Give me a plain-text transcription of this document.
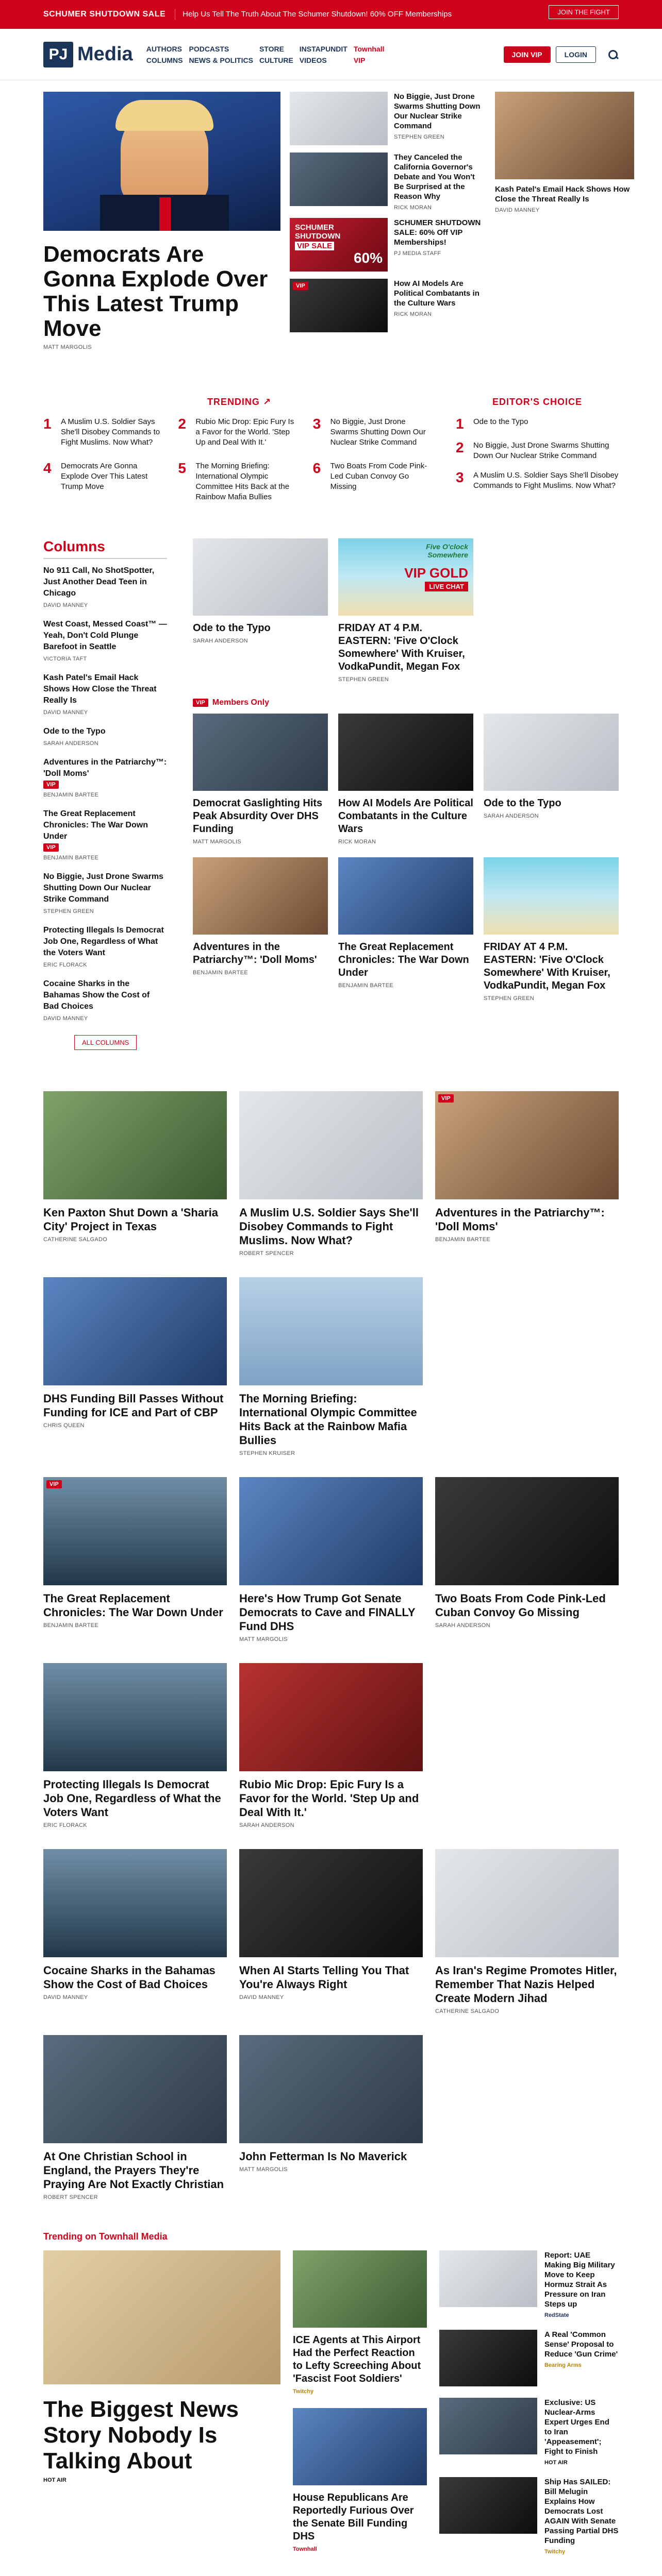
SCHUMER SHUTDOWN SALE	Help Us Tell The Truth About The Schumer Shutdown! 60% OFF Memberships	JOIN THE FIGHT
PJ Media AUTHORS PODCASTS	STORE	INSTAPUNDIT Townhall
COLUMNS NEWS & POLITICS CULTURE VIDEOS	VIP
JOIN VIP	LOGIN
Democrats Are Gonna Explode Over This Latest Trump Move
MATT MARGOLIS
No Biggie, Just Drone Swarms Shutting Down Our Nuclear Strike Command
STEPHEN GREEN
They Canceled the California Governor's Debate and You Won't Be Surprised at the Reason Why
RICK MORAN
SCHUMER
SHUTDOWN
VIP SALE
60%
SCHUMER SHUTDOWN SALE: 60% Off VIP Memberships!
PJ MEDIA STAFF
VIP	How AI Models Are Political Combatants in the Culture Wars
RICK MORAN
Kash Patel's Email Hack Shows How Close the Threat Really Is
DAVID MANNEY
TRENDING ↗
1	A Muslim U.S. Soldier Says She'll Disobey Commands to Fight Muslims. Now What?
2	Rubio Mic Drop: Epic Fury Is a Favor for the World. 'Step Up and Deal With It.'
3	No Biggie, Just Drone Swarms Shutting Down Our Nuclear Strike Command
4	Democrats Are Gonna Explode Over This Latest Trump Move
5	The Morning Briefing: International Olympic Committee Hits Back at the Rainbow Mafia Bullies
6	Two Boats From Code Pink-Led Cuban Convoy Go Missing
EDITOR'S CHOICE
1	Ode to the Typo
2	No Biggie, Just Drone Swarms Shutting Down Our Nuclear Strike Command
3	A Muslim U.S. Soldier Says She'll Disobey Commands to Fight Muslims. Now What?
Columns
No 911 Call, No ShotSpotter, Just Another Dead Teen in Chicago
DAVID MANNEY
West Coast, Messed Coast™ — Yeah, Don't Cold Plunge Barefoot in Seattle
VICTORIA TAFT
Kash Patel's Email Hack Shows How Close the Threat Really Is
DAVID MANNEY
Ode to the Typo
SARAH ANDERSON
Adventures in the Patriarchy™: 'Doll Moms'
VIP
BENJAMIN BARTEE
The Great Replacement Chronicles: The War Down Under
VIP
BENJAMIN BARTEE
No Biggie, Just Drone Swarms Shutting Down Our Nuclear Strike Command
STEPHEN GREEN
Protecting Illegals Is Democrat Job One, Regardless of What the Voters Want
ERIC FLORACK
Cocaine Sharks in the Bahamas Show the Cost of Bad Choices
DAVID MANNEY
ALL COLUMNS
Ode to the Typo
SARAH ANDERSON
Five O'clock
Somewhere
VIP GOLD
LIVE CHAT
FRIDAY AT 4 P.M. EASTERN: 'Five O'Clock Somewhere' With Kruiser, VodkaPundit, Megan Fox
STEPHEN GREEN
VIP Members Only
Democrat Gaslighting Hits Peak Absurdity Over DHS Funding
MATT MARGOLIS
How AI Models Are Political Combatants in the Culture Wars
RICK MORAN
Ode to the Typo
SARAH ANDERSON
Adventures in the Patriarchy™: 'Doll Moms'
BENJAMIN BARTEE
The Great Replacement Chronicles: The War Down Under
BENJAMIN BARTEE
FRIDAY AT 4 P.M. EASTERN: 'Five O'Clock Somewhere' With Kruiser, VodkaPundit, Megan Fox
STEPHEN GREEN
Ken Paxton Shut Down a 'Sharia City' Project in Texas
CATHERINE SALGADO
A Muslim U.S. Soldier Says She'll Disobey Commands to Fight Muslims. Now What?
ROBERT SPENCER
VIP
Adventures in the Patriarchy™: 'Doll Moms'
BENJAMIN BARTEE
DHS Funding Bill Passes Without Funding for ICE and Part of CBP
CHRIS QUEEN
The Morning Briefing: International Olympic Committee Hits Back at the Rainbow Mafia Bullies
STEPHEN KRUISER
VIP
The Great Replacement Chronicles: The War Down Under
BENJAMIN BARTEE
Here's How Trump Got Senate Democrats to Cave and FINALLY Fund DHS
MATT MARGOLIS
Two Boats From Code Pink-Led Cuban Convoy Go Missing
SARAH ANDERSON
Protecting Illegals Is Democrat Job One, Regardless of What the Voters Want
ERIC FLORACK
Rubio Mic Drop: Epic Fury Is a Favor for the World. 'Step Up and Deal With It.'
SARAH ANDERSON
Cocaine Sharks in the Bahamas Show the Cost of Bad Choices
DAVID MANNEY
When AI Starts Telling You That You're Always Right
DAVID MANNEY
As Iran's Regime Promotes Hitler, Remember That Nazis Helped Create Modern Jihad
CATHERINE SALGADO
At One Christian School in England, the Prayers They're Praying Are Not Exactly Christian
ROBERT SPENCER
John Fetterman Is No Maverick
MATT MARGOLIS
Trending on Townhall Media
The Biggest News Story Nobody Is Talking About
HOT AIR
ICE Agents at This Airport Had the Perfect Reaction to Lefty Screeching About 'Fascist Foot Soldiers'
Twitchy
House Republicans Are Reportedly Furious Over the Senate Bill Funding DHS
Townhall
Report: UAE Making Big Military Move to Keep Hormuz Strait As Pressure on Iran Steps up
RedState
A Real 'Common Sense' Proposal to Reduce 'Gun Crime'
Bearing Arms
Exclusive: US Nuclear-Arms Expert Urges End to Iran 'Appeasement'; Fight to Finish
HOT AIR
Ship Has SAILED: Bill Melugin Explains How Democrats Lost AGAIN With Senate Passing Partial DHS Funding
Twitchy
